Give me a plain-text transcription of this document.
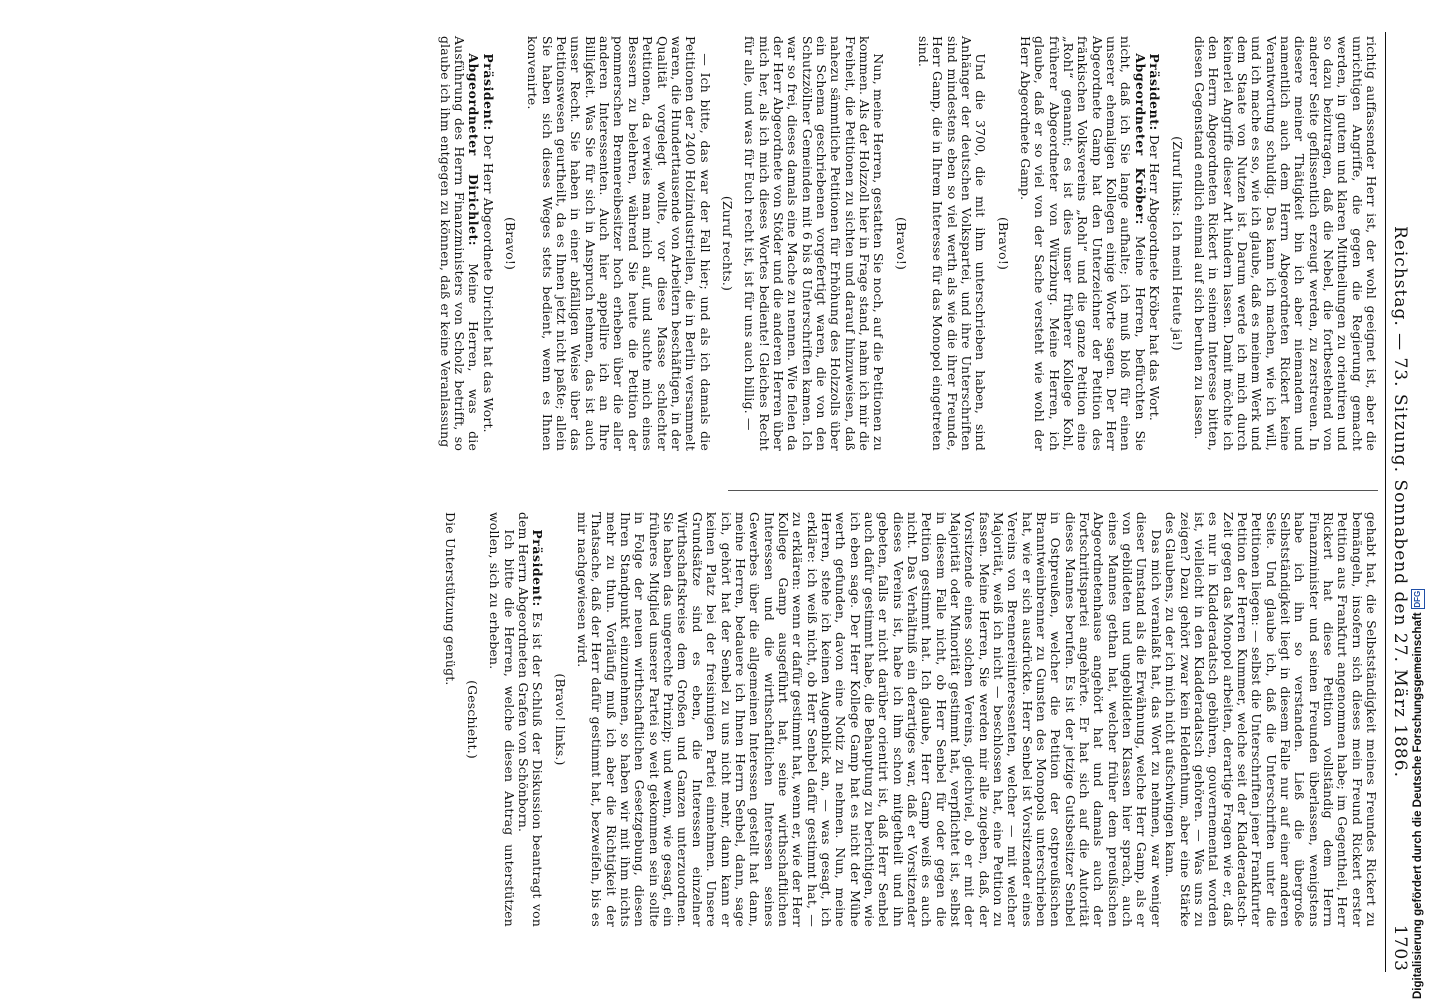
Reichstag. — 73. Sitzung. Sonnabend den 27. März 1886.
1703

richtig auffassender Herr ist, der wohl geeignet ist, aber die unrichtigen Angriffe, die gegen die Regierung gemacht werden, in gutem und klaren Mittheilungen zu orientiren und so dazu beizutragen, daß die Nebel, die fortbestehend von anderer Seite geflissentlich erzeugt werden, zu zerstreuen. In diesere meiner Thätigkeit bin ich aber niemandem und namentlich auch dem Herrn Abgeordneten Rickert keine Verantwortung schuldig. Das kann ich machen, wie ich will, und ich mache es so, wie ich glaube, daß es meinem Werk und dem Staate von Nutzen ist. Darum werde ich mich durch keinerlei Angriffe dieser Art hindern lassen. Damit möchte ich den Herrn Abgeordneten Rickert in seinem Interesse bitten, diesen Gegenstand endlich einmal auf sich beruhen zu lassen.

(Zuruf links: Ich meinl Heute ja!)

Präsident: Der Herr Abgeordnete Kröber hat das Wort.

Abgeordneter Kröber: Meine Herren, befürchten Sie nicht, daß ich Sie lange aufhalte; ich muß bloß für einen unserer ehemaligen Kollegen einige Worte sagen. Der Herr Abgeordnete Gamp hat den Unterzeichner der Petition des fränkischen Volksvereins „Rohl“ und die ganze Petition eine „Rohl“ genannt; es ist dies unser früherer Kollege Kohl, früherer Abgeordneter von Würzburg. Meine Herren, ich glaube, daß er so viel von der Sache versteht wie wohl der Herr Abgeordnete Gamp.

(Bravo!)

Und die 3700, die mit ihm unterschrieben haben, sind Anhänger der deutschen Volkspartei, und ihre Unterschriften sind mindestens eben so viel werth als wie die ihrer Freunde, Herr Gamp, die in Ihrem Interesse für das Monopol eingetreten sind.

(Bravo!)

Nun, meine Herren, gestatten Sie noch, auf die Petitionen zu kommen. Als der Holzzoll hier in Frage stand, nahm ich mir die Freiheit, die Petitionen zu sichten und darauf hinzuweisen, daß nahezu sämmtliche Petitionen für Erhöhung des Holzzolls über ein Schema geschriebenen vorgefertigt waren, die von den Schutzzöllner Gemeinden mit 6 bis 8 Unterschriften kamen. Ich war so frei, dieses damals eine Mache zu nennen. Wie fielen da der Herr Abgeordnete von Stöder und die anderen Herren über mich her, als ich mich dieses Wortes bediente! Gleiches Recht für alle, und was für Euch recht ist, ist für uns auch billig. —

(Zuruf rechts.)

— Ich bitte, das war der Fall hier; und als ich damals die Petitionen der 2400 Holzindustriellen, die in Berlin versammelt waren, die Hunderttausende von Arbeitern beschäftigen, in der Qualität vorgelegt wollte, vor diese Masse schlechter Petitionen, da verwies man mich auf, und suchte mich eines Bessern zu belehren, während Sie heute die Petition der pommerschen Brennereibesitzer hoch erheben über die aller anderen Interessenten. Auch hier appellire ich an Ihre Billigkeit. Was Sie für sich in Anspruch nehmen, das ist auch unser Recht. Sie haben in einer abfälligen Weise über das Petitionswesen geurtheilt, da es Ihnen jetzt nicht paßte; allein Sie haben sich dieses Weges stets bedient, wenn es Ihnen konvenirte.

(Bravo!)

Präsident: Der Herr Abgeordnete Dirichlet hat das Wort.

Abgeordneter Dirichlet: Meine Herren, was die Ausführung des Herrn Finanzministers von Scholz betrifft, so glaube ich ihm entgegen zu können, daß er keine Veranlassung

gehabt hat, die Selbstständigkeit meines Freundes Rickert zu bemängeln, insofern sich dieses mein Freund Rickert erster Petition aus Frankfurt angenommen habe; im Gegentheil, Herr Rickert hat diese Petition vollständig dem Herrn Finanzminister und seinen Freunden überlassen, wenigstens habe ich ihn so verstanden. Ließ die übergroße Selbstständigkeit liegt in diesem Falle nur auf einer anderen Seite. Und glaube ich, daß die Unterschriften unter die Petitionen liegen: — selbst die Unterschriften jener Frankfurter Petition der Herren Kummer, welche seit der Kladderadatsch-Zeit gegen das Monopol arbeiten, derartige Fragen wie er, daß es nur in Kladderadatsch gebühren, gouvernemental worden ist, vielleicht in den Kladderadatsch gehören. — Was uns zu zeigen? Dazu gehört zwar kein Heldenthum, aber eine Stärke des Glaubens, zu der ich mich nicht aufschwingen kann.

Das mich veranlaßt hat, das Wort zu nehmen, war weniger dieser Umstand als die Erwähnung, welche Herr Gamp, als er von gebildeten und ungebildeten Klassen hier sprach, auch eines Mannes gethan hat, welcher früher dem preußischen Abgeordnetenhause angehört hat und damals auch der Fortschrittspartei angehörte. Er hat sich auf die Autorität dieses Mannes berufen. Es ist der jetzige Gutsbesitzer Senbel in Ostpreußen, welcher die Petition der ostpreußischen Branntweinbrenner zu Gunsten des Monopols unterschrieben hat, wie er sich ausdrückte. Herr Senbel ist Vorsitzender eines Vereins von Brennereiinteressenten, welcher — mit welcher Majorität, weiß ich nicht — beschlossen hat, eine Petition zu fassen. Meine Herren, Sie werden mir alle zugeben, daß, der Vorsitzende eines solchen Vereins, gleichviel, ob er mit der Majorität oder Minorität gestimmt hat, verpflichtet ist, selbst in diesem Falle nicht, ob Herr Senbel für oder gegen die Petition gestimmt hat. Ich glaube, Herr Gamp weiß es auch nicht. Das Verhältniß ein derartiges war, daß er Vorsitzender dieses Vereins ist, habe ich ihm schon mitgetheilt und ihn gebeten, falls er nicht darüber orientirt ist, daß Herr Senbel auch dafür gestimmt habe, die Behauptung zu berichtigen, wie ich eben sage. Der Herr Kollege Gamp hat es nicht der Mühe werth gefunden, davon eine Notiz zu nehmen. Nun, meine Herren, stehe ich keinen Augenblick an, — was gesagt, ich erkläre: ich weiß nicht, ob Herr Senbel dafür gestimmt hat, — zu erklären: wenn er dafür gestimmt hat, wenn er, wie der Herr Kollege Gamp ausgeführt hat, seine wirthschaftlichen Interessen und die wirthschaftlichen Interessen seines Gewerbes über die allgemeinen Interessen gestellt hat dann, meine Herren, bedauere ich Ihnen Herrn Senbel, dann, sage ich, gehört hat der Senbel zu uns nicht mehr, dann kann er keinen Platz bei der freisinnigen Partei einnehmen. Unsere Grundsätze sind es eben, die Interessen einzelner Wirthschaftskreise dem Großen und Ganzen unterzuordnen. Sie haben das ungerechte Prinzip; und wenn, wie gesagt, ein früheres Mitglied unserer Partei so weit gekommen sein sollte in Folge der neuen wirthschaftlichen Gesetzgebung, diesen Ihren Standpunkt einzunehmen, so haben wir mit ihm nichts mehr zu thun. Vorläufig muß ich aber die Richtigkeit der Thatsache, daß der Herr dafür gestimmt hat, bezweifeln, bis es mir nachgewiesen wird.

(Bravo! links.)

Präsident: Es ist der Schluß der Diskussion beantragt von dem Herrn Abgeordneten Grafen von Schönborn.

Ich bitte die Herren, welche diesen Antrag unterstützen wollen, sich zu erheben.

(Geschieht.)

Die Unterstützung genügt.

Digitalisierung gefördert durch die Deutsche Forschungsgemeinschaft DFG
